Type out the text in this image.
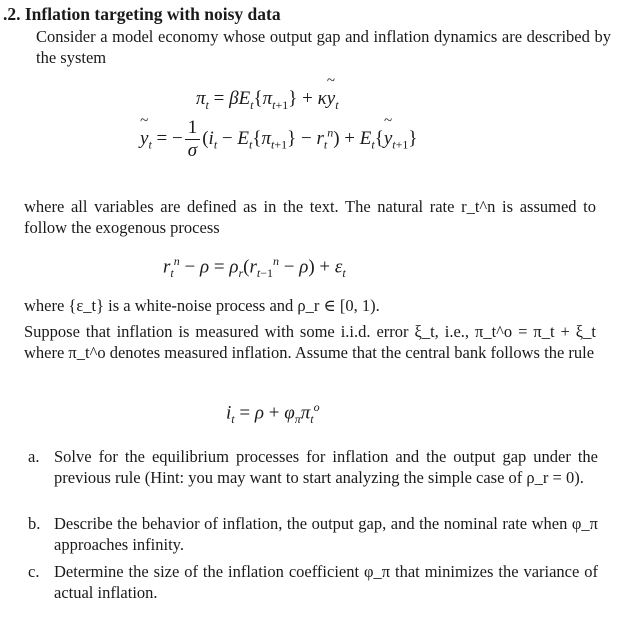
.2. Inflation targeting with noisy data
Consider a model economy whose output gap and inflation dynamics are described by the system
$\pi_t = \beta E_t\{\pi_{t+1}\}$ + κ~ $y_t$
~ $y_t$ = − $\frac{1}{\sigma} (i_t - E_t\{\pi_{t+1}\} - r_t^n)$ + $E_t\{\sim$ $y_{t+1}$}
where all variables are defined as in the text. The natural rate r_t^n is assumed to follow the exogenous process
$r_t^n - \rho = \rho_r(r_{t-1}^n - \rho) + \varepsilon_t$
where {ε_t} is a white-noise process and ρ_r ∈ [0, 1).
Suppose that inflation is measured with some i.i.d. error ξ_t, i.e., π_t^o = π_t + ξ_t where π_t^o denotes measured inflation. Assume that the central bank follows the rule
$i_t = \rho + \varphi_\pi\pi_t^o$
a. Solve for the equilibrium processes for inflation and the output gap under the previous rule (Hint: you may want to start analyzing the simple case of ρ_r = 0).
b. Describe the behavior of inflation, the output gap, and the nominal rate when φ_π approaches infinity.
c. Determine the size of the inflation coefficient φ_π that minimizes the variance of actual inflation.
